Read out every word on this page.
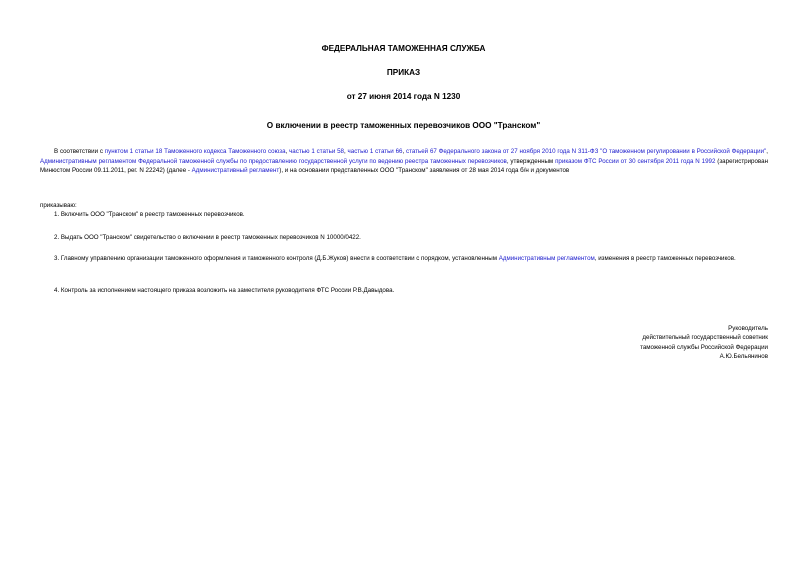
ФЕДЕРАЛЬНАЯ ТАМОЖЕННАЯ СЛУЖБА
ПРИКАЗ
от 27 июня 2014 года N 1230
О включении в реестр таможенных перевозчиков ООО "Транском"
В соответствии с пунктом 1 статьи 18 Таможенного кодекса Таможенного союза, частью 1 статьи 58, частью 1 статьи 66, статьей 67 Федерального закона от 27 ноября 2010 года N 311-ФЗ "О таможенном регулировании в Российской Федерации", Административным регламентом Федеральной таможенной службы по предоставлению государственной услуги по ведению реестра таможенных перевозчиков, утвержденным приказом ФТС России от 30 сентября 2011 года N 1992 (зарегистрирован Минюстом России 09.11.2011, рег. N 22242) (далее - Административный регламент), и на основании представленных ООО "Транском" заявления от 28 мая 2014 года б/н и документов
приказываю:
1. Включить ООО "Транском" в реестр таможенных перевозчиков.
2. Выдать ООО "Транском" свидетельство о включении в реестр таможенных перевозчиков N 10000/0422.
3. Главному управлению организации таможенного оформления и таможенного контроля (Д.Б.Жуков) внести в соответствии с порядком, установленным Административным регламентом, изменения в реестр таможенных перевозчиков.
4. Контроль за исполнением настоящего приказа возложить на заместителя руководителя ФТС России Р.В.Давыдова.
Руководитель
действительный государственный советник
таможенной службы Российской Федерации
А.Ю.Бельянинов
